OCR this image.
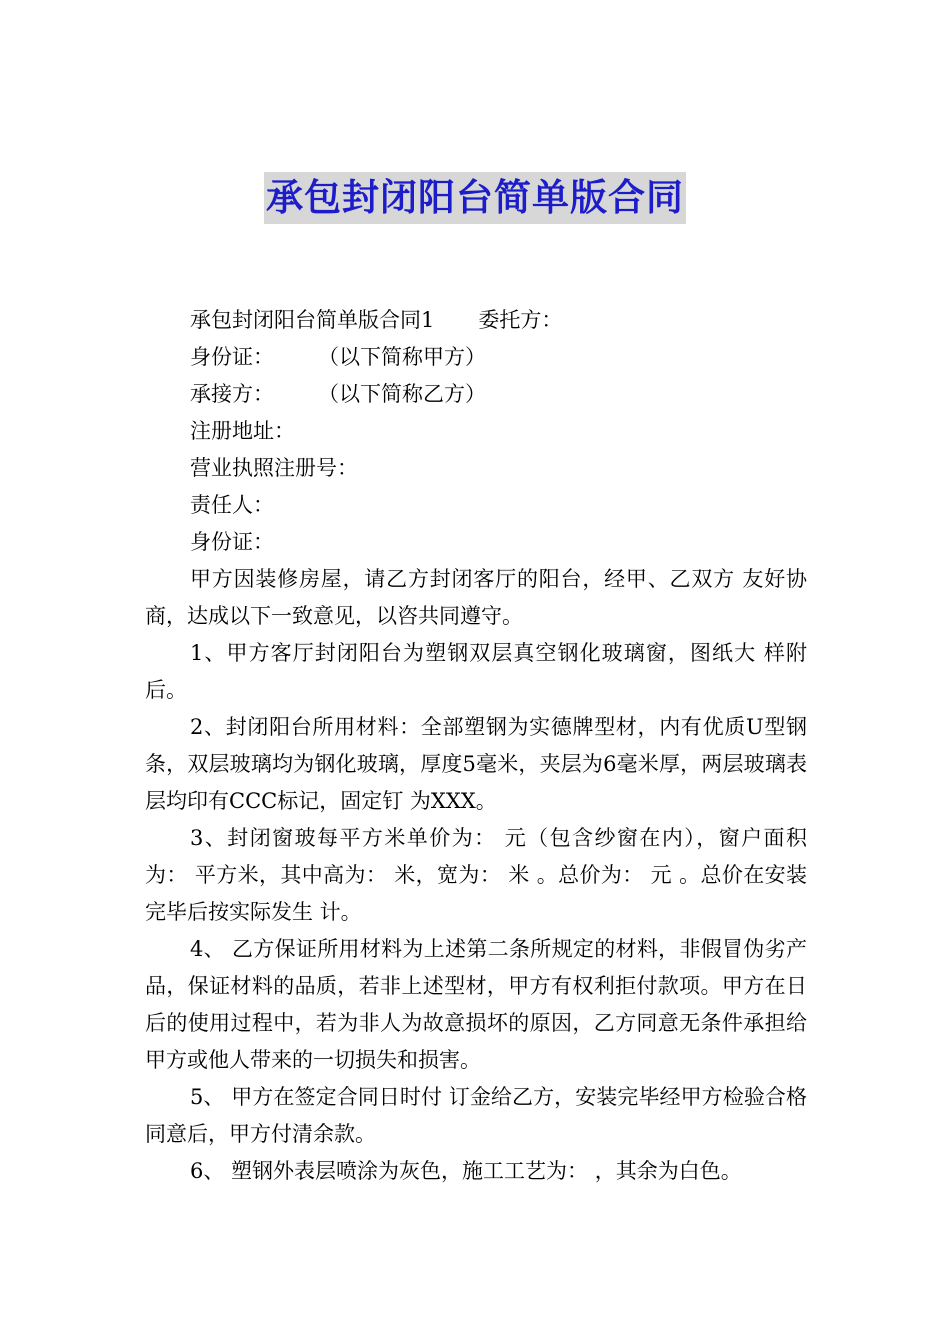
承包封闭阳台简单版合同

承包封闭阳台简单版合同1 委托方：

身份证： （以下简称甲方）

承接方： （以下简称乙方）

注册地址：

营业执照注册号：

责任人：

身份证：

甲方因装修房屋，请乙方封闭客厅的阳台，经甲、乙双方 友好协商，达成以下一致意见，以咨共同遵守。

1、甲方客厅封闭阳台为塑钢双层真空钢化玻璃窗，图纸大 样附后。

2、封闭阳台所用材料：全部塑钢为实德牌型材，内有优质U型钢条，双层玻璃均为钢化玻璃，厚度5毫米，夹层为6毫米厚，两层玻璃表层均印有CCC标记，固定钉 为XXX。

3、封闭窗玻每平方米单价为： 元（包含纱窗在内），窗户面积为： 平方米，其中高为： 米，宽为： 米 。总价为： 元 。总价在安装完毕后按实际发生 计。

4、 乙方保证所用材料为上述第二条所规定的材料，非假冒伪劣产品，保证材料的品质，若非上述型材，甲方有权利拒付款项。甲方在日后的使用过程中，若为非人为故意损坏的原因，乙方同意无条件承担给甲方或他人带来的一切损失和损害。

5、 甲方在签定合同日时付 订金给乙方，安装完毕经甲方检验合格同意后，甲方付清余款。

6、 塑钢外表层喷涂为灰色，施工工艺为： ，其余为白色。
